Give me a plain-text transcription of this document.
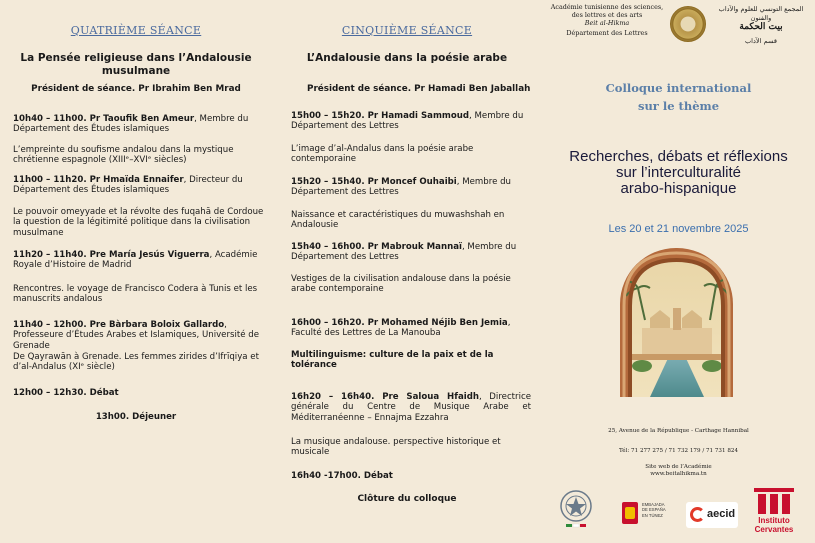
QUATRIÈME SÉANCE
La Pensée religieuse dans l’Andalousie musulmane
Président de séance. Pr Ibrahim Ben Mrad
10h40 – 11h00. Pr Taoufik Ben Ameur, Membre du Département des Études islamiques
L’empreinte du soufisme andalou dans la mystique chrétienne espagnole (XIIIᵉ–XVIᵉ siècles)
11h00 – 11h20. Pr Hmaïda Ennaifer, Directeur du Département des Études islamiques
Le pouvoir omeyyade et la révolte des fuqahā de Cordoue la question de la légitimité politique dans la civilisation musulmane
11h20 – 11h40. Pre María Jesús Viguerra, Académie Royale d’Histoire de Madrid
Rencontres. le voyage de Francisco Codera à Tunis et les manuscrits andalous
11h40 – 12h00. Pre Bàrbara Boloix Gallardo, Professeure d’Études Arabes et Islamiques, Université de Grenade
De Qayrawān à Grenade. Les femmes zirides d’Ifrīqiya et d’al-Andalus (XIᵉ siècle)
12h00 – 12h30. Débat
13h00. Déjeuner
CINQUIÈME SÉANCE
L’Andalousie dans la poésie arabe
Président de séance. Pr Hamadi Ben Jaballah
15h00 – 15h20. Pr Hamadi Sammoud, Membre du Département des Lettres
L’image d’al-Andalus dans la poésie arabe contemporaine
15h20 – 15h40. Pr Moncef Ouhaibi, Membre du Département des Lettres
Naissance et caractéristiques du muwashshah en Andalousie
15h40 – 16h00. Pr Mabrouk Mannaï, Membre du Département des Lettres
Vestiges de la civilisation andalouse dans la poésie arabe contemporaine
16h00 – 16h20. Pr Mohamed Néjib Ben Jemia, Faculté des Lettres de La Manouba
Multilinguisme: culture de la paix et de la tolérance
16h20 – 16h40. Pre Saloua Hfaidh, Directrice générale du Centre de Musique Arabe et Méditerranéenne – Ennajma Ezzahra
La musique andalouse. perspective historique et musicale
16h40 -17h00. Débat
Clôture du colloque
Académie tunisienne des sciences,
des lettres et des arts
Beit al-Hikma
Département des Lettres
المجمع التونسي للعلوم والآداب والفنون
بيت الحكمة
قسم الآداب
Colloque international
sur le thème
Recherches, débats et réflexions
sur l’interculturalité
arabo-hispanique
Les 20 et 21 novembre 2025
25, Avenue de la République - Carthage Hannibal
Tél: 71 277 275 / 71 732 179 / 71 731 824
Site web de l’Académie
www.beitalhikma.tn
EMBAJADA
DE ESPAÑA
EN TÚNEZ	aecid
Instituto
Cervantes
